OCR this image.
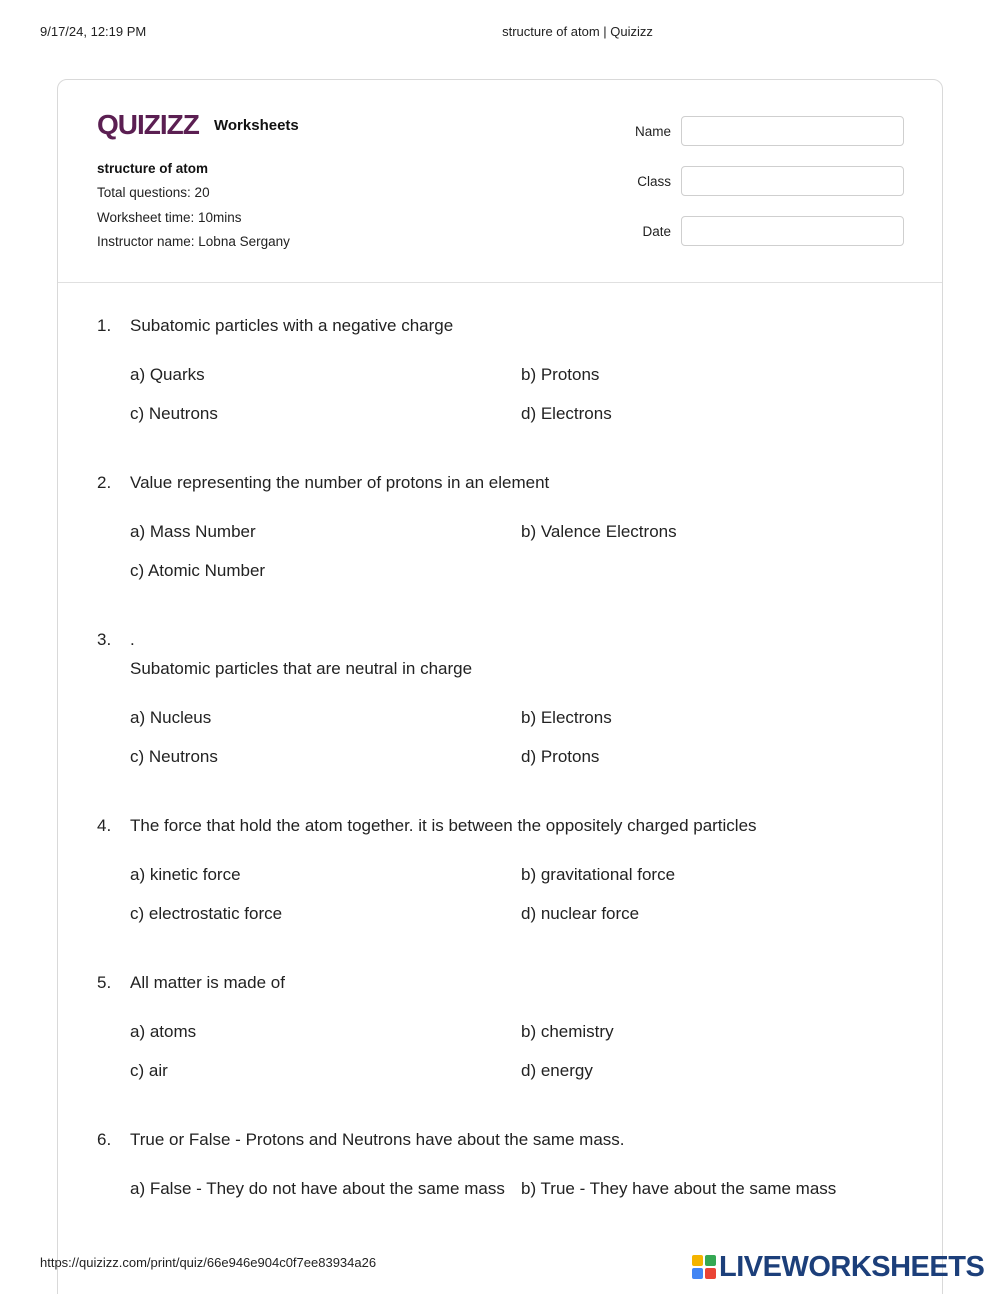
9/17/24, 12:19 PM	structure of atom | Quizizz
QUIZIZZ Worksheets
structure of atom
Total questions: 20
Worksheet time: 10mins
Instructor name: Lobna Sergany
Name
Class
Date
1. Subatomic particles with a negative charge
a) Quarks	b) Protons
c) Neutrons	d) Electrons
2. Value representing the number of protons in an element
a) Mass Number	b) Valence Electrons
c) Atomic Number
3. .
Subatomic particles that are neutral in charge
a) Nucleus	b) Electrons
c) Neutrons	d) Protons
4. The force that hold the atom together. it is between the oppositely charged particles
a) kinetic force	b) gravitational force
c) electrostatic force	d) nuclear force
5. All matter is made of
a) atoms	b) chemistry
c) air	d) energy
6. True or False - Protons and Neutrons have about the same mass.
a) False - They do not have about the same mass b) True - They have about the same mass
https://quizizz.com/print/quiz/66e946e904c0f7ee83934a26	LIVEWORKSHEETS
